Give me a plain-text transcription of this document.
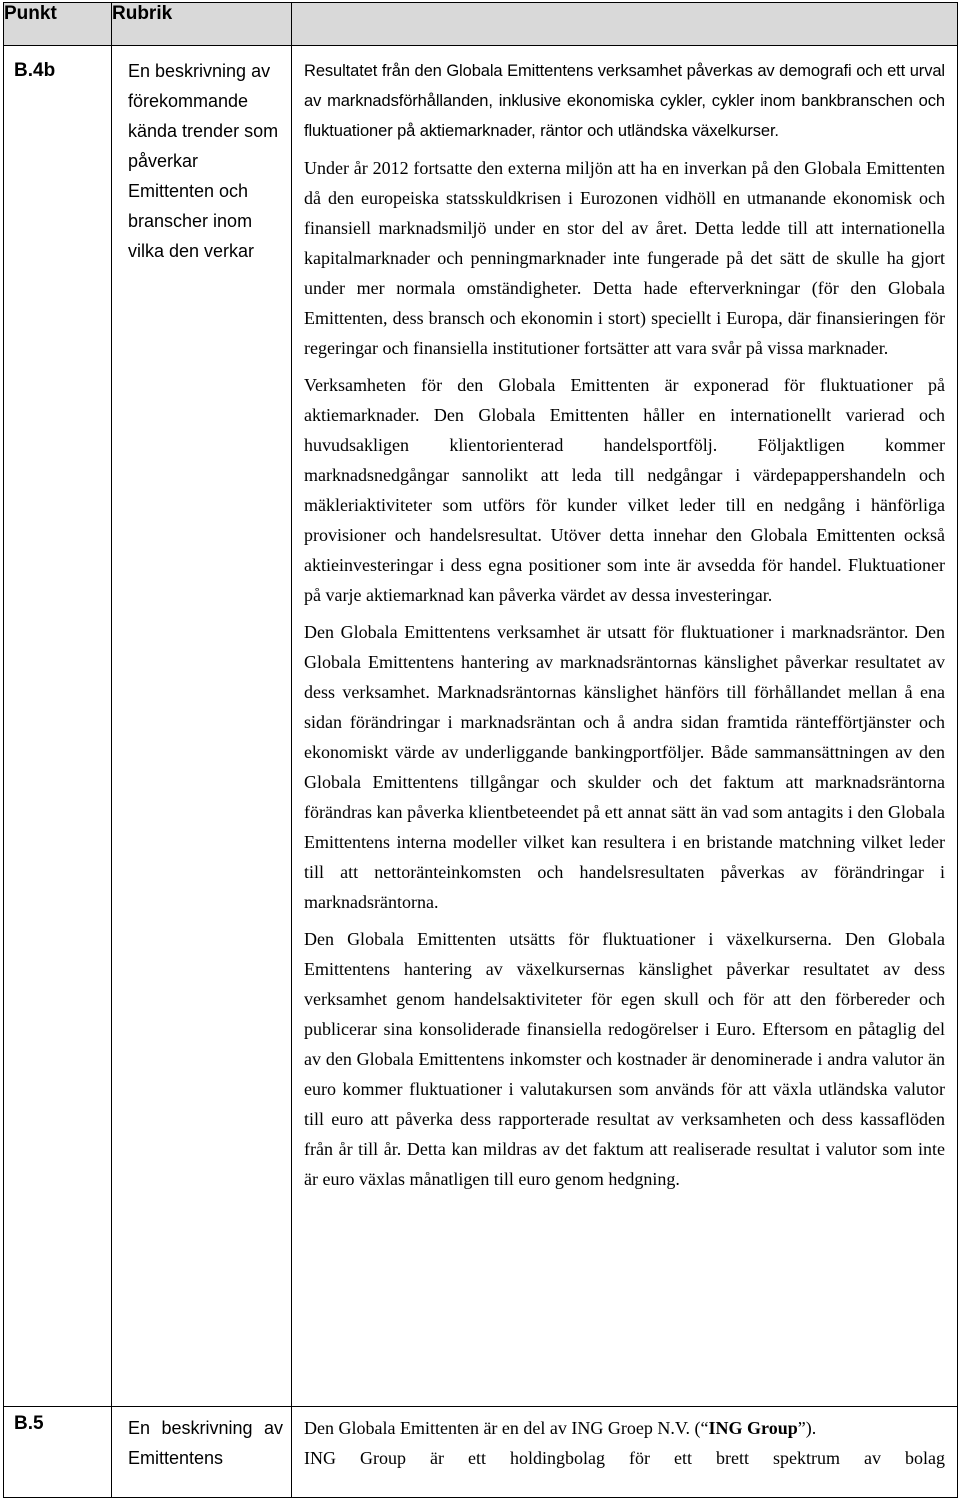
Punkt	Rubrik	

B.4b	En beskrivning av förekommande kända trender som påverkar Emittenten och branscher inom vilka den verkar	Resultatet från den Globala Emittentens verksamhet påverkas av demografi och ett urval av marknadsförhållanden, inklusive ekonomiska cykler, cykler inom bankbranschen och fluktuationer på aktiemarknader, räntor och utländska växelkurser.

Under år 2012 fortsatte den externa miljön att ha en inverkan på den Globala Emittenten då den europeiska statsskuldkrisen i Eurozonen vidhöll en utmanande ekonomisk och finansiell marknadsmiljö under en stor del av året. Detta ledde till att internationella kapitalmarknader och penningmarknader inte fungerade på det sätt de skulle ha gjort under mer normala omständigheter. Detta hade efterverkningar (för den Globala Emittenten, dess bransch och ekonomin i stort) speciellt i Europa, där finansieringen för regeringar och finansiella institutioner fortsätter att vara svår på vissa marknader.

Verksamheten för den Globala Emittenten är exponerad för fluktuationer på aktiemarknader. Den Globala Emittenten håller en internationellt varierad och huvudsakligen klientorienterad handelsportfölj. Följaktligen kommer marknadsnedgångar sannolikt att leda till nedgångar i värdepappershandeln och mäkleriaktiviteter som utförs för kunder vilket leder till en nedgång i hänförliga provisioner och handelsresultat. Utöver detta innehar den Globala Emittenten också aktieinvesteringar i dess egna positioner som inte är avsedda för handel. Fluktuationer på varje aktiemarknad kan påverka värdet av dessa investeringar.

Den Globala Emittentens verksamhet är utsatt för fluktuationer i marknadsräntor. Den Globala Emittentens hantering av marknadsräntornas känslighet påverkar resultatet av dess verksamhet. Marknadsräntornas känslighet hänförs till förhållandet mellan å ena sidan förändringar i marknadsräntan och å andra sidan framtida räntefförtjänster och ekonomiskt värde av underliggande bankingportföljer. Både sammansättningen av den Globala Emittentens tillgångar och skulder och det faktum att marknadsräntorna förändras kan påverka klientbeteendet på ett annat sätt än vad som antagits i den Globala Emittentens interna modeller vilket kan resultera i en bristande matchning vilket leder till att nettoränteinkomsten och handelsresultaten påverkas av förändringar i marknadsräntorna.

Den Globala Emittenten utsätts för fluktuationer i växelkurserna. Den Globala Emittentens hantering av växelkursernas känslighet påverkar resultatet av dess verksamhet genom handelsaktiviteter för egen skull och för att den förbereder och publicerar sina konsoliderade finansiella redogörelser i Euro. Eftersom en påtaglig del av den Globala Emittentens inkomster och kostnader är denominerade i andra valutor än euro kommer fluktuationer i valutakursen som används för att växla utländska valutor till euro att påverka dess rapporterade resultat av verksamheten och dess kassaflöden från år till år. Detta kan mildras av det faktum att realiserade resultat i valutor som inte är euro växlas månatligen till euro genom hedgning.

B.5	En beskrivning av Emittentens	Den Globala Emittenten är en del av ING Groep N.V. (“ING Group”).

ING Group är ett holdingbolag för ett brett spektrum av bolag
